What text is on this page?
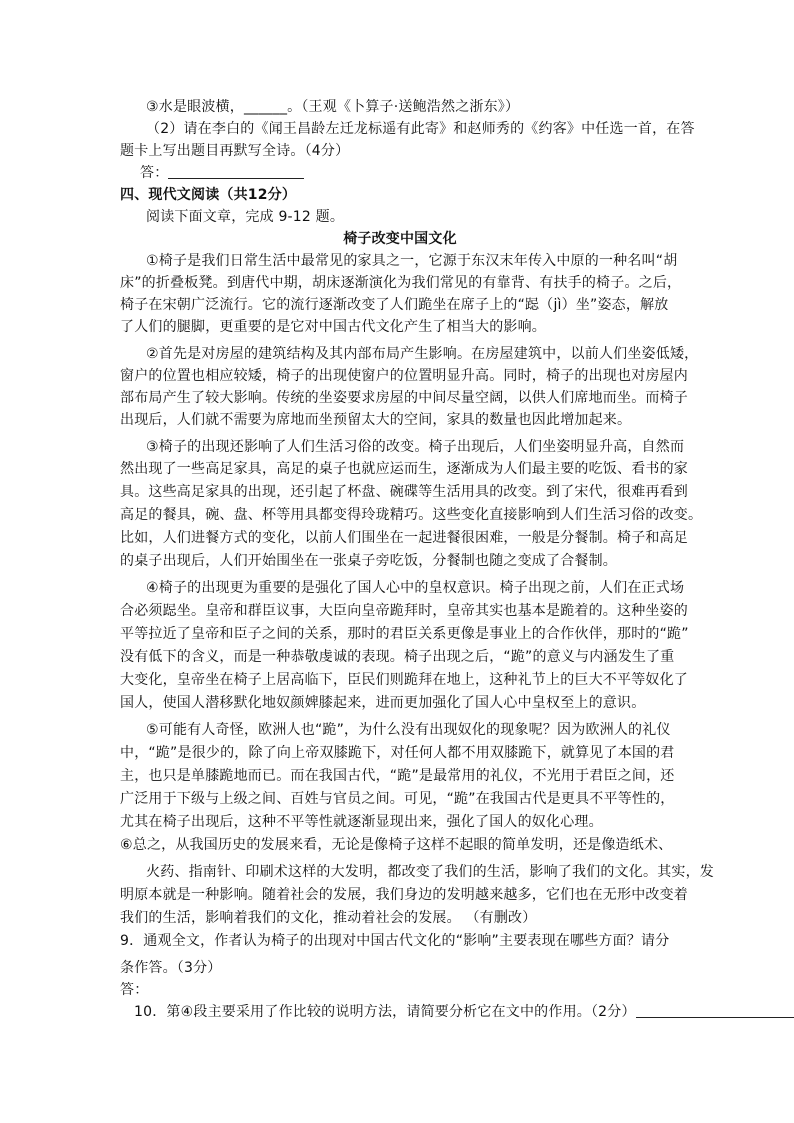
③水是眼波横，______。（王观《卜算子·送鲍浩然之浙东》）
（2）请在李白的《闻王昌龄左迁龙标遥有此寄》和赵师秀的《约客》中任选一首，在答
题卡上写出题目再默写全诗。（4分）
答：
四、现代文阅读（共12分）
阅读下面文章，完成 9-12 题。
椅子改变中国文化
①椅子是我们日常生活中最常见的家具之一，它源于东汉末年传入中原的一种名叫“胡
床”的折叠板凳。到唐代中期，胡床逐渐演化为我们常见的有靠背、有扶手的椅子。之后，
椅子在宋朝广泛流行。它的流行逐渐改变了人们跪坐在席子上的“跽（jì）坐”姿态，解放
了人们的腿脚，更重要的是它对中国古代文化产生了相当大的影响。
②首先是对房屋的建筑结构及其内部布局产生影响。在房屋建筑中，以前人们坐姿低矮，
窗户的位置也相应较矮，椅子的出现使窗户的位置明显升高。同时，椅子的出现也对房屋内
部布局产生了较大影响。传统的坐姿要求房屋的中间尽量空阔，以供人们席地而坐。而椅子
出现后，人们就不需要为席地而坐预留太大的空间，家具的数量也因此增加起来。
③椅子的出现还影响了人们生活习俗的改变。椅子出现后，人们坐姿明显升高，自然而
然出现了一些高足家具，高足的桌子也就应运而生，逐渐成为人们最主要的吃饭、看书的家
具。这些高足家具的出现，还引起了杯盘、碗碟等生活用具的改变。到了宋代，很难再看到
高足的餐具，碗、盘、杯等用具都变得玲珑精巧。这些变化直接影响到人们生活习俗的改变。
比如，人们进餐方式的变化，以前人们围坐在一起进餐很困难，一般是分餐制。椅子和高足
的桌子出现后，人们开始围坐在一张桌子旁吃饭，分餐制也随之变成了合餐制。
④椅子的出现更为重要的是强化了国人心中的皇权意识。椅子出现之前，人们在正式场
合必须跽坐。皇帝和群臣议事，大臣向皇帝跪拜时，皇帝其实也基本是跪着的。这种坐姿的
平等拉近了皇帝和臣子之间的关系，那时的君臣关系更像是事业上的合作伙伴，那时的“跪”
没有低下的含义，而是一种恭敬虔诚的表现。椅子出现之后，“跪”的意义与内涵发生了重
大变化，皇帝坐在椅子上居高临下，臣民们则跪拜在地上，这种礼节上的巨大不平等奴化了
国人，使国人潜移默化地奴颜婢膝起来，进而更加强化了国人心中皇权至上的意识。
⑤可能有人奇怪，欧洲人也“跪”，为什么没有出现奴化的现象呢？因为欧洲人的礼仪
中，“跪”是很少的，除了向上帝双膝跪下，对任何人都不用双膝跪下，就算见了本国的君
主，也只是单膝跪地而已。而在我国古代，“跪”是最常用的礼仪，不光用于君臣之间，还
广泛用于下级与上级之间、百姓与官员之间。可见，“跪”在我国古代是更具不平等性的，
尤其在椅子出现后，这种不平等性就逐渐显现出来，强化了国人的奴化心理。
⑥总之，从我国历史的发展来看，无论是像椅子这样不起眼的简单发明，还是像造纸术、
火药、指南针、印刷术这样的大发明，都改变了我们的生活，影响了我们的文化。其实，发
明原本就是一种影响。随着社会的发展，我们身边的发明越来越多，它们也在无形中改变着
我们的生活，影响着我们的文化，推动着社会的发展。 （有删改）
9．通观全文，作者认为椅子的出现对中国古代文化的“影响”主要表现在哪些方面？请分
条作答。（3分）
答：
10．第④段主要采用了作比较的说明方法，请简要分析它在文中的作用。（2分）
